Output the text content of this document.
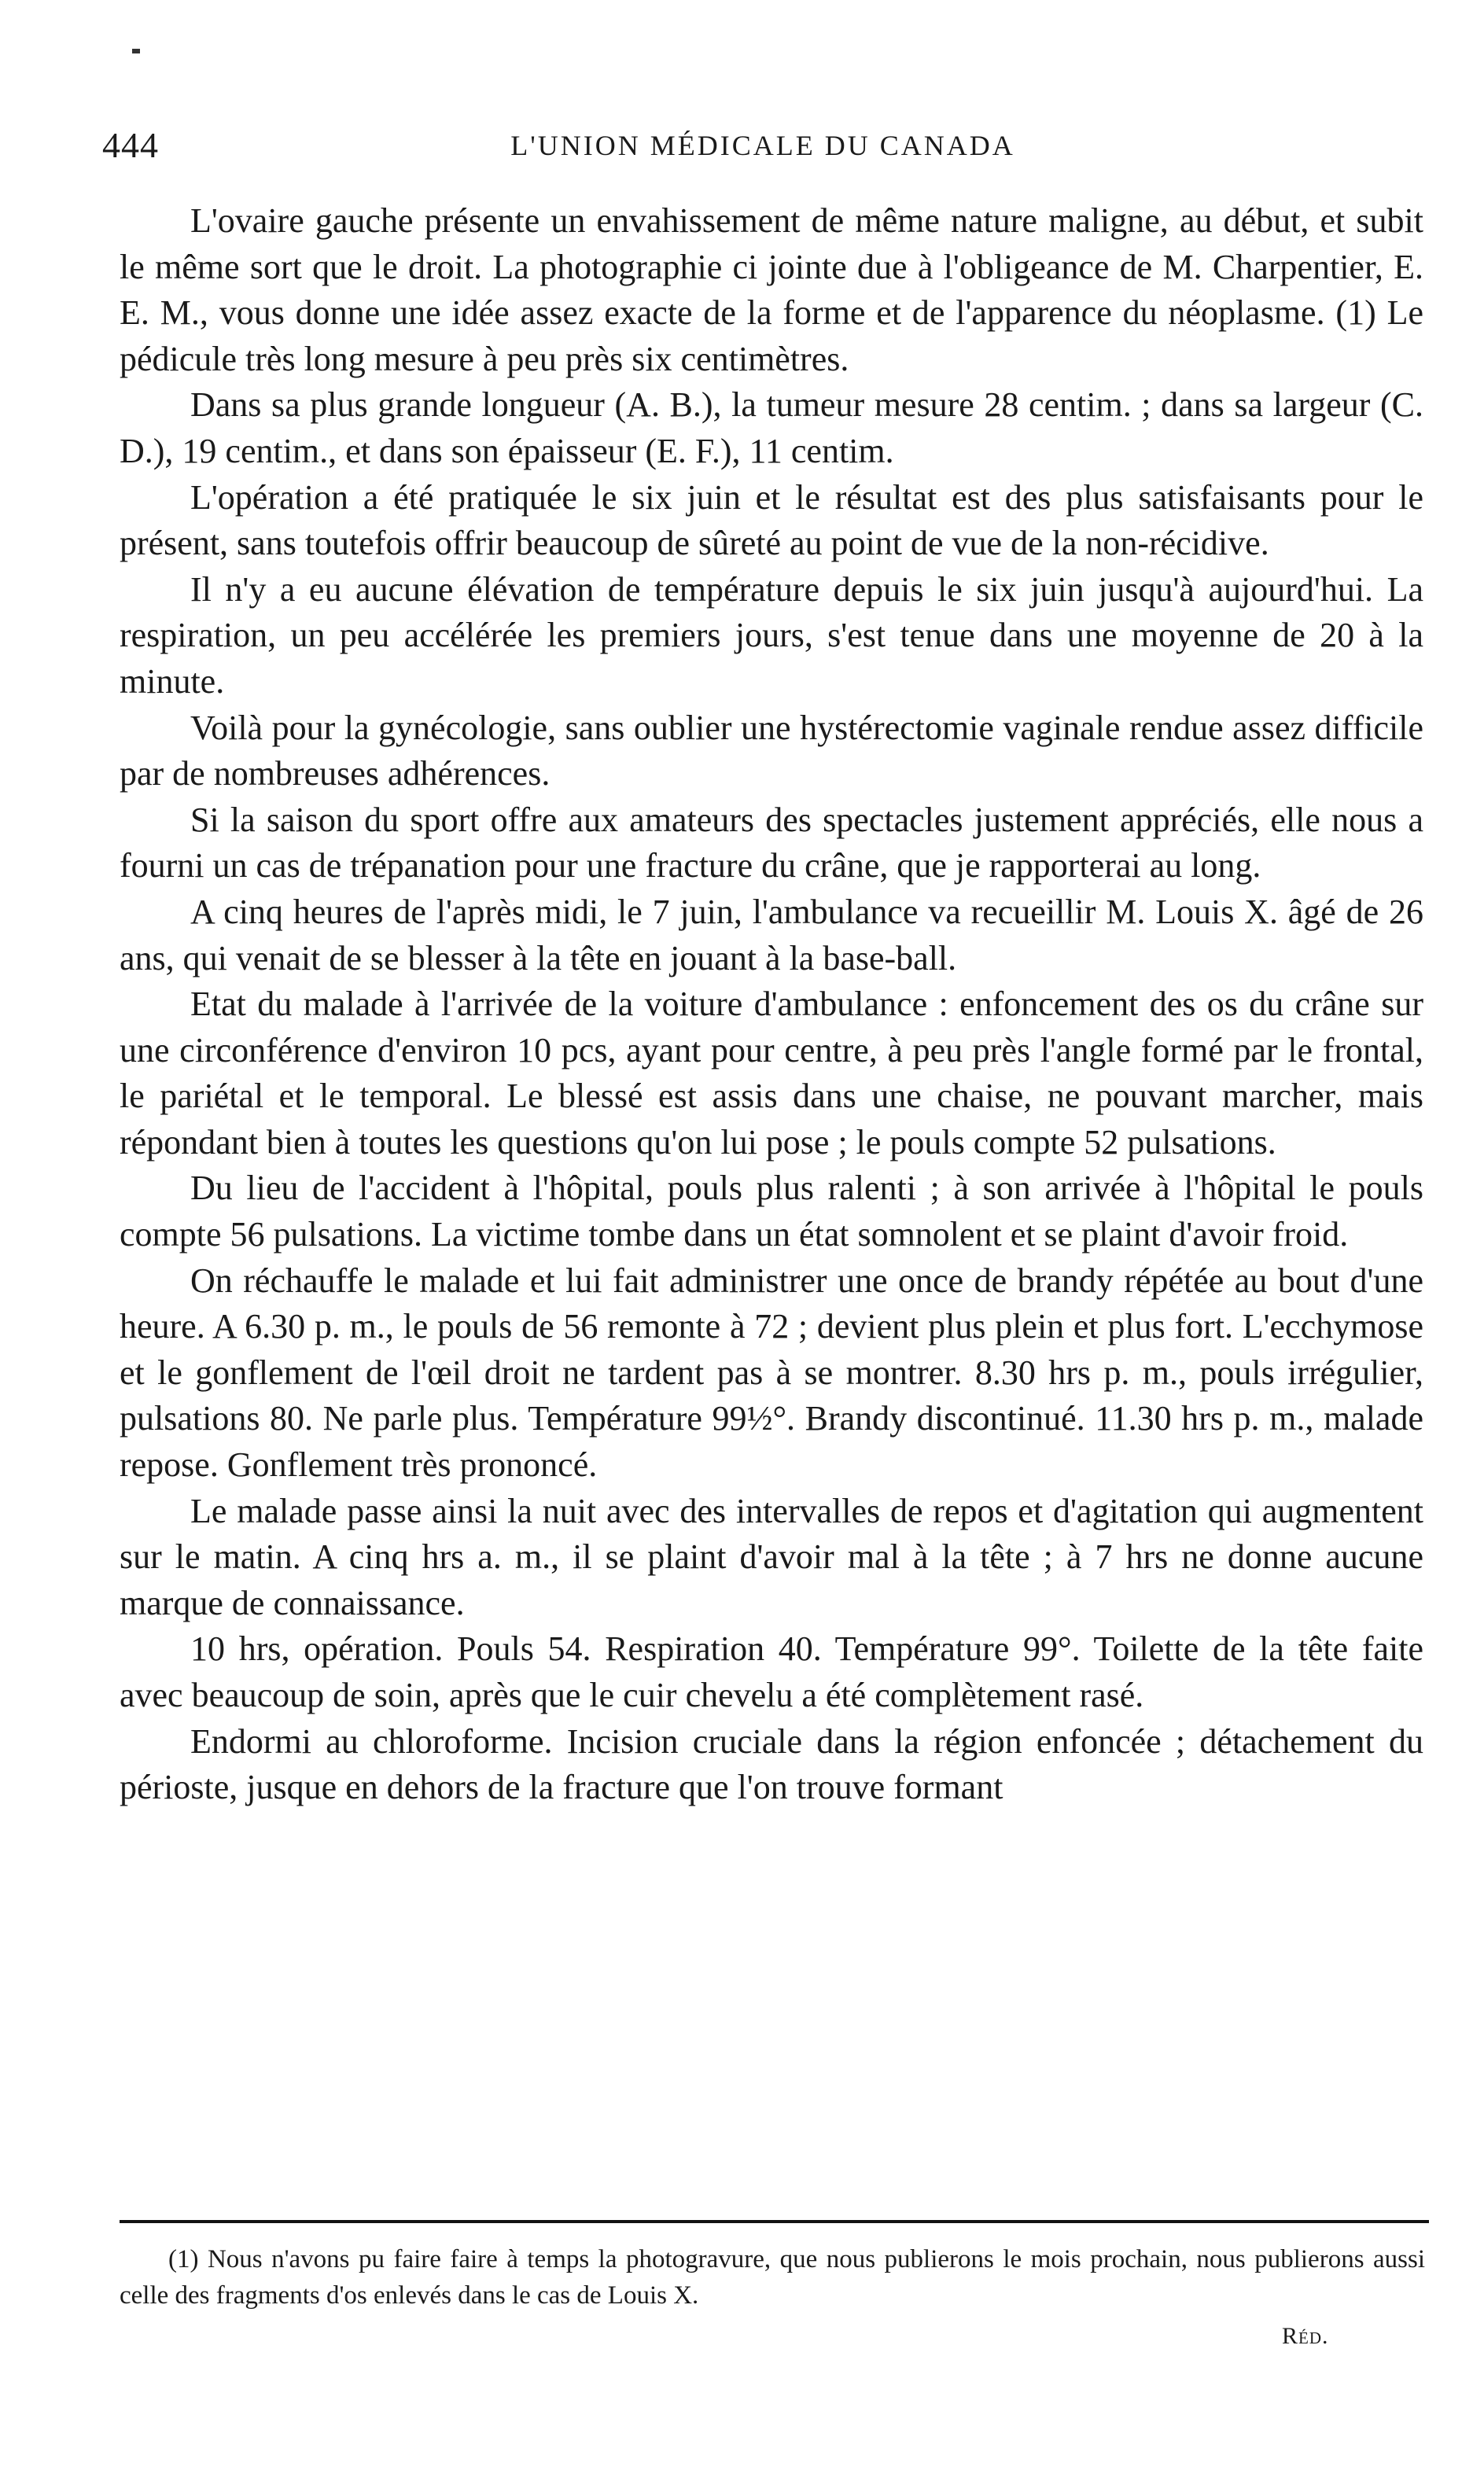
444	L'UNION MÉDICALE DU CANADA

L'ovaire gauche présente un envahissement de même nature maligne, au début, et subit le même sort que le droit. La photographie ci jointe due à l'obligeance de M. Charpentier, E. E. M., vous donne une idée assez exacte de la forme et de l'apparence du néoplasme. (1) Le pédicule très long mesure à peu près six centimètres.

Dans sa plus grande longueur (A. B.), la tumeur mesure 28 centim. ; dans sa largeur (C. D.), 19 centim., et dans son épaisseur (E. F.), 11 centim.

L'opération a été pratiquée le six juin et le résultat est des plus satisfaisants pour le présent, sans toutefois offrir beaucoup de sûreté au point de vue de la non-récidive.

Il n'y a eu aucune élévation de température depuis le six juin jusqu'à aujourd'hui. La respiration, un peu accélérée les premiers jours, s'est tenue dans une moyenne de 20 à la minute.

Voilà pour la gynécologie, sans oublier une hystérectomie vaginale rendue assez difficile par de nombreuses adhérences.

Si la saison du sport offre aux amateurs des spectacles justement appréciés, elle nous a fourni un cas de trépanation pour une fracture du crâne, que je rapporterai au long.

A cinq heures de l'après midi, le 7 juin, l'ambulance va recueillir M. Louis X. âgé de 26 ans, qui venait de se blesser à la tête en jouant à la base-ball.

Etat du malade à l'arrivée de la voiture d'ambulance : enfoncement des os du crâne sur une circonférence d'environ 10 pcs, ayant pour centre, à peu près l'angle formé par le frontal, le pariétal et le temporal. Le blessé est assis dans une chaise, ne pouvant marcher, mais répondant bien à toutes les questions qu'on lui pose ; le pouls compte 52 pulsations.

Du lieu de l'accident à l'hôpital, pouls plus ralenti ; à son arrivée à l'hôpital le pouls compte 56 pulsations. La victime tombe dans un état somnolent et se plaint d'avoir froid.

On réchauffe le malade et lui fait administrer une once de brandy répétée au bout d'une heure. A 6.30 p. m., le pouls de 56 remonte à 72 ; devient plus plein et plus fort. L'ecchymose et le gonflement de l'œil droit ne tardent pas à se montrer. 8.30 hrs p. m., pouls irrégulier, pulsations 80. Ne parle plus. Température 99½°. Brandy discontinué. 11.30 hrs p. m., malade repose. Gonflement très prononcé.

Le malade passe ainsi la nuit avec des intervalles de repos et d'agitation qui augmentent sur le matin. A cinq hrs a. m., il se plaint d'avoir mal à la tête ; à 7 hrs ne donne aucune marque de connaissance.

10 hrs, opération. Pouls 54. Respiration 40. Température 99°. Toilette de la tête faite avec beaucoup de soin, après que le cuir chevelu a été complètement rasé.

Endormi au chloroforme. Incision cruciale dans la région enfoncée ; détachement du périoste, jusque en dehors de la fracture que l'on trouve formant

(1) Nous n'avons pu faire faire à temps la photogravure, que nous publierons le mois prochain, nous publierons aussi celle des fragments d'os enlevés dans le cas de Louis X.

Réd.
